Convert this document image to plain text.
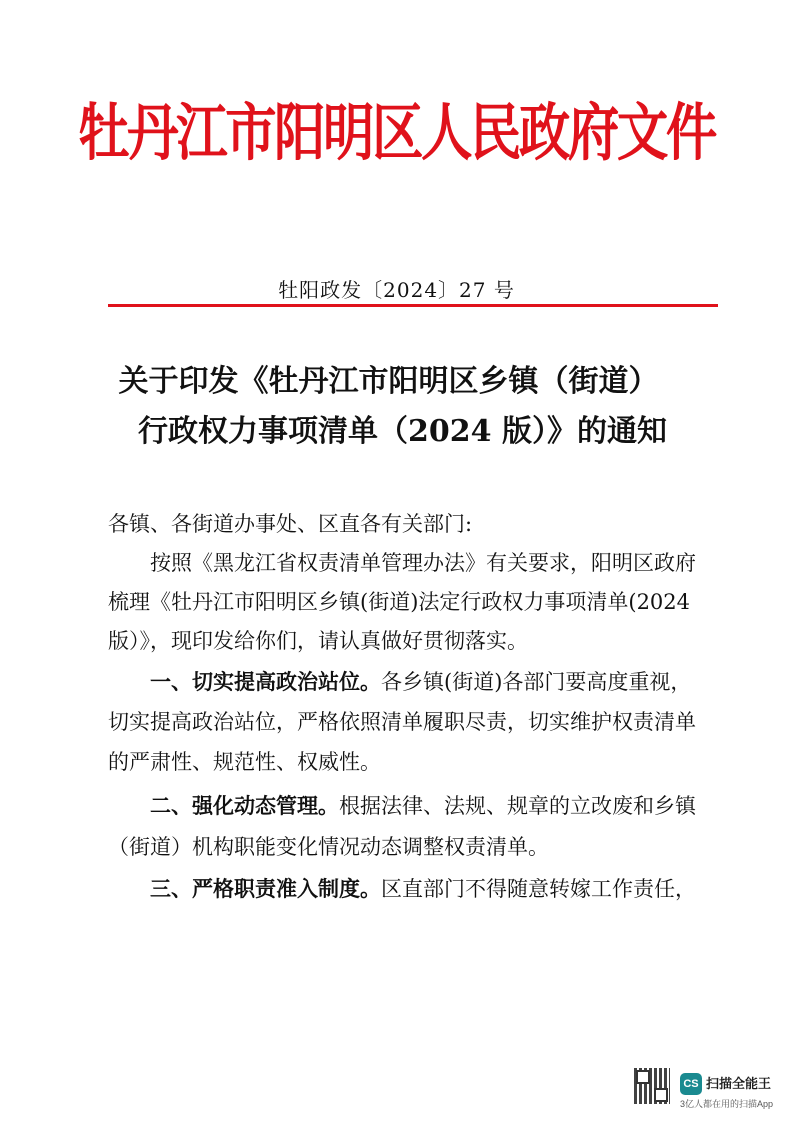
牡丹江市阳明区人民政府文件
牡阳政发〔2024〕27 号
关于印发《牡丹江市阳明区乡镇（街道）
行政权力事项清单（2024 版）》的通知
各镇、各街道办事处、区直各有关部门:
按照《黑龙江省权责清单管理办法》有关要求，阳明区政府
梳理《牡丹江市阳明区乡镇(街道)法定行政权力事项清单(2024
版）》，现印发给你们，请认真做好贯彻落实。
一、切实提高政治站位。各乡镇(街道)各部门要高度重视，
切实提高政治站位，严格依照清单履职尽责，切实维护权责清单
的严肃性、规范性、权威性。
二、强化动态管理。根据法律、法规、规章的立改废和乡镇
（街道）机构职能变化情况动态调整权责清单。
三、严格职责准入制度。区直部门不得随意转嫁工作责任，
CS 扫描全能王
3亿人都在用的扫描App
